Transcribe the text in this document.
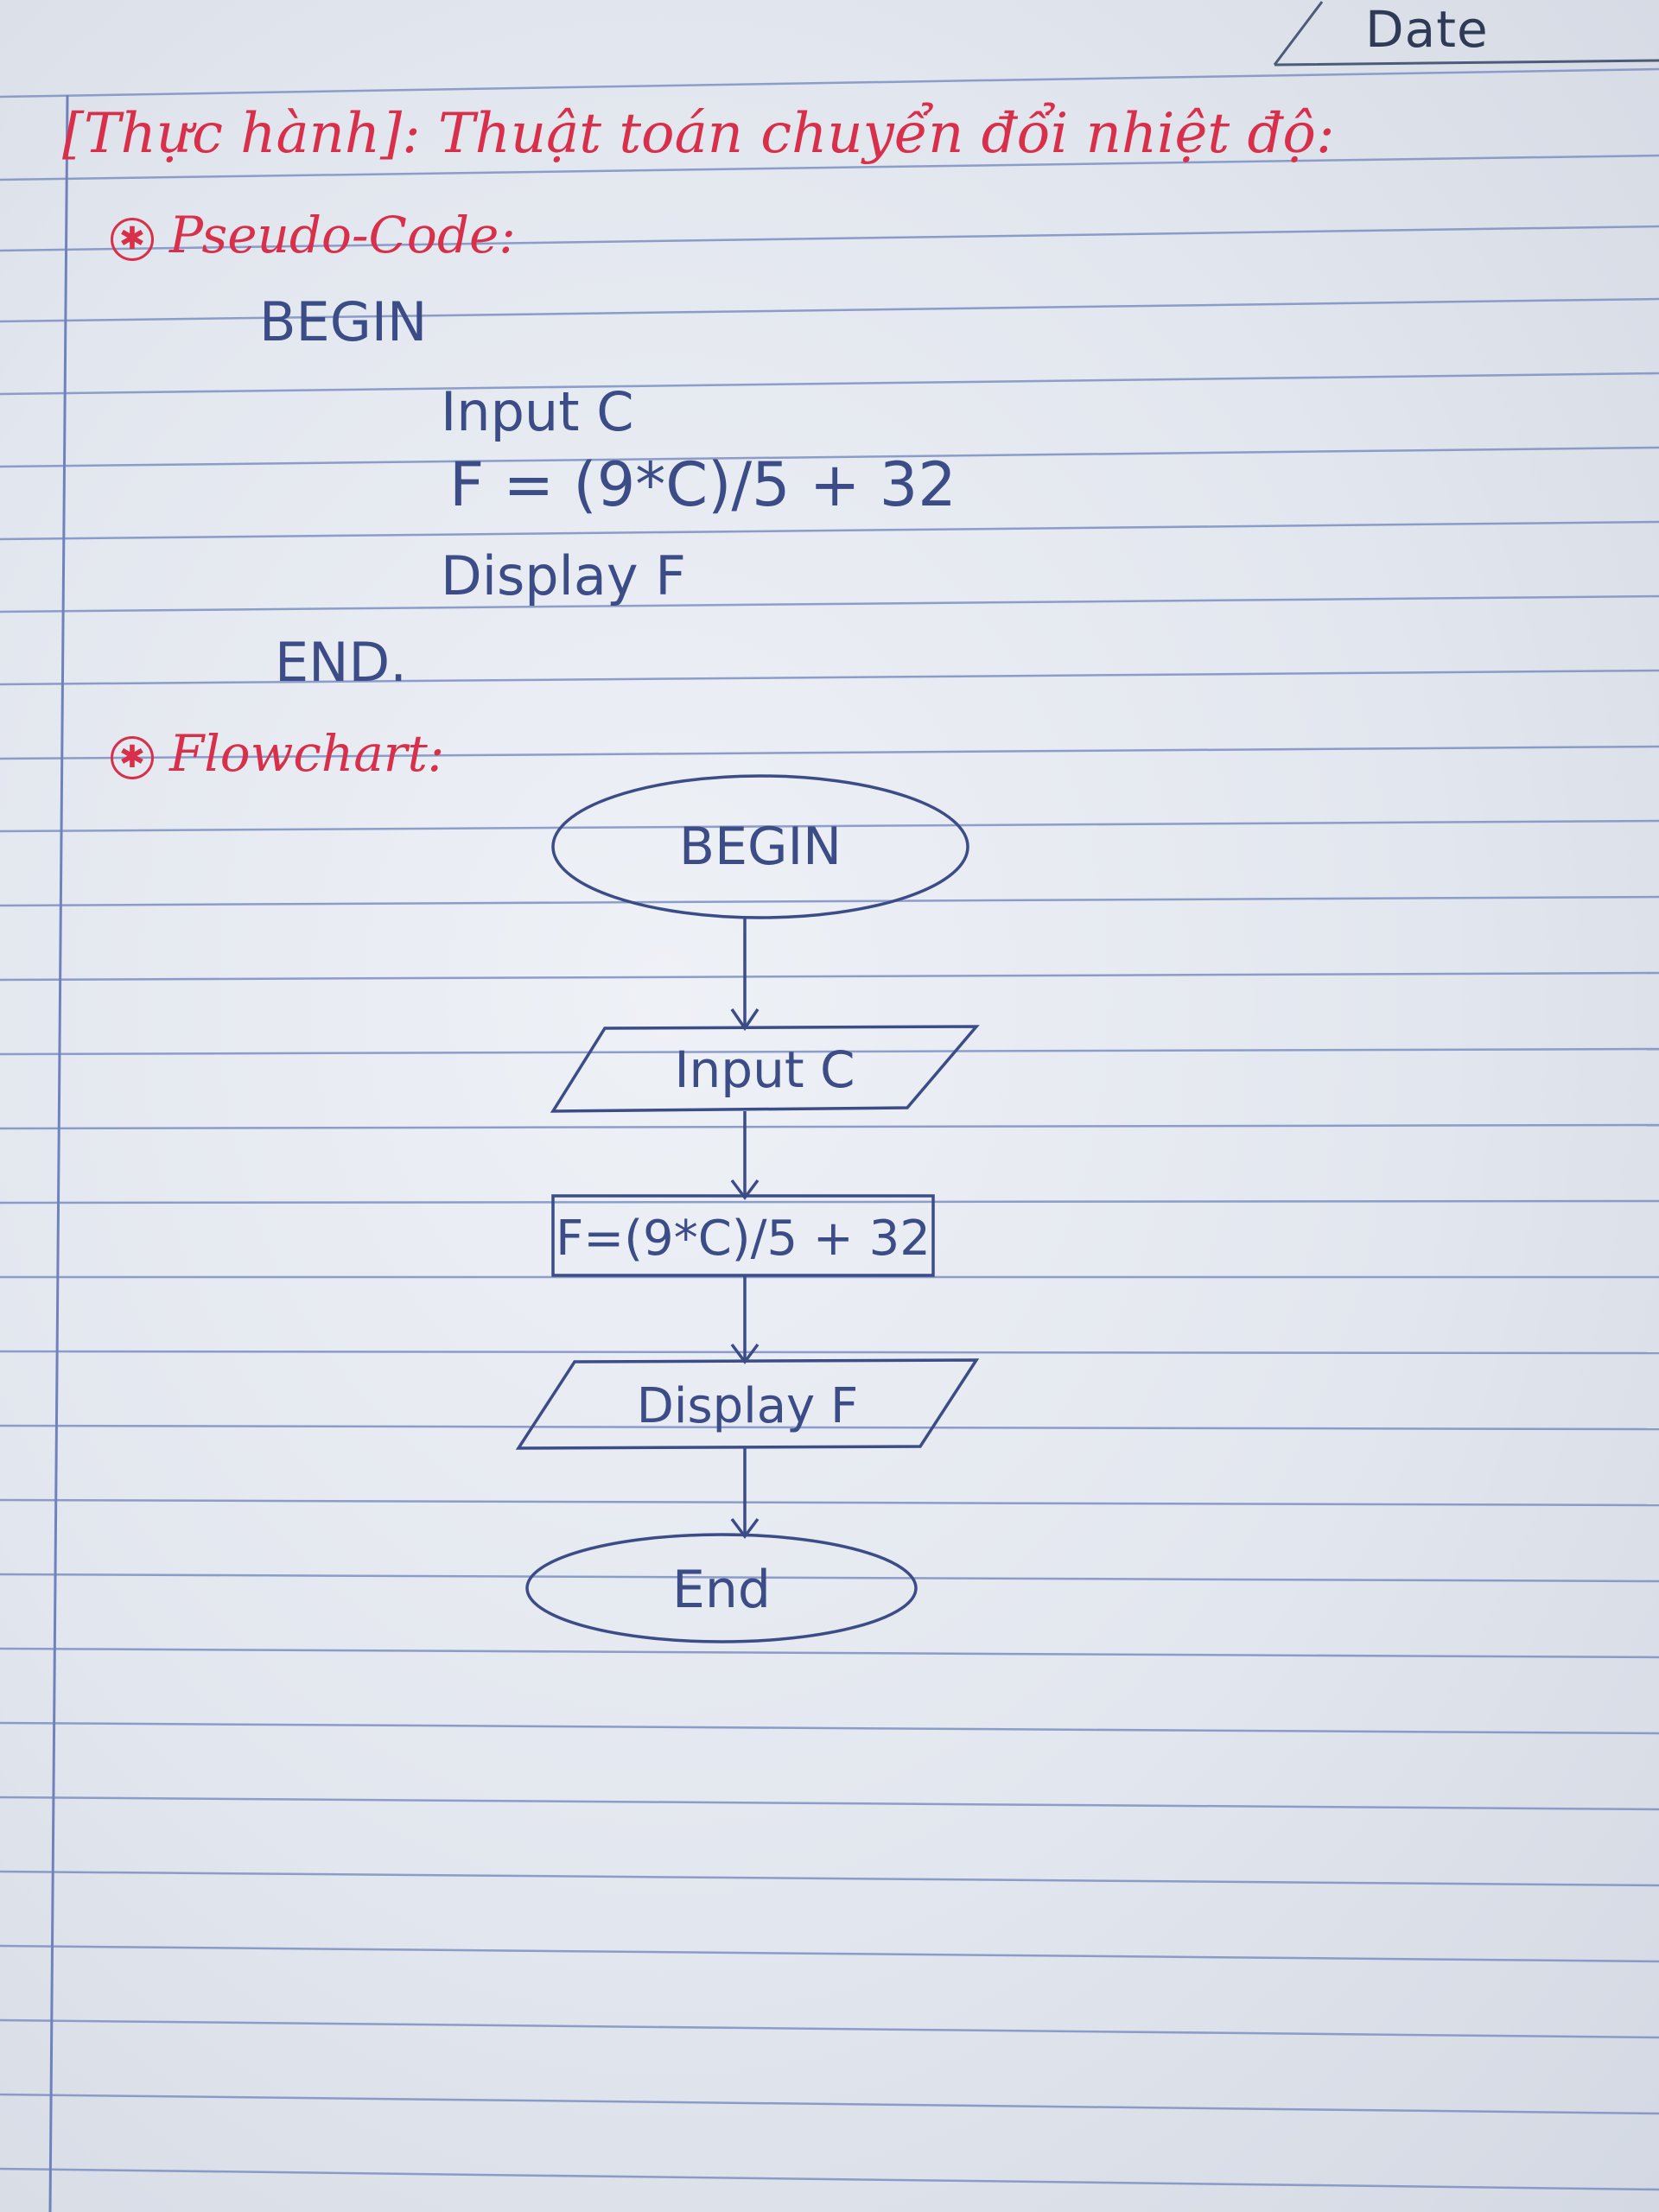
Date
[Thực hành]: Thuật toán chuyển đổi nhiệt độ:
✱ Pseudo-Code:
BEGIN
Input C
F = (9*C)/5 + 32
Display F
END.
✱ Flowchart:
BEGIN
Input C
F=(9*C)/5 + 32
Display F
End
